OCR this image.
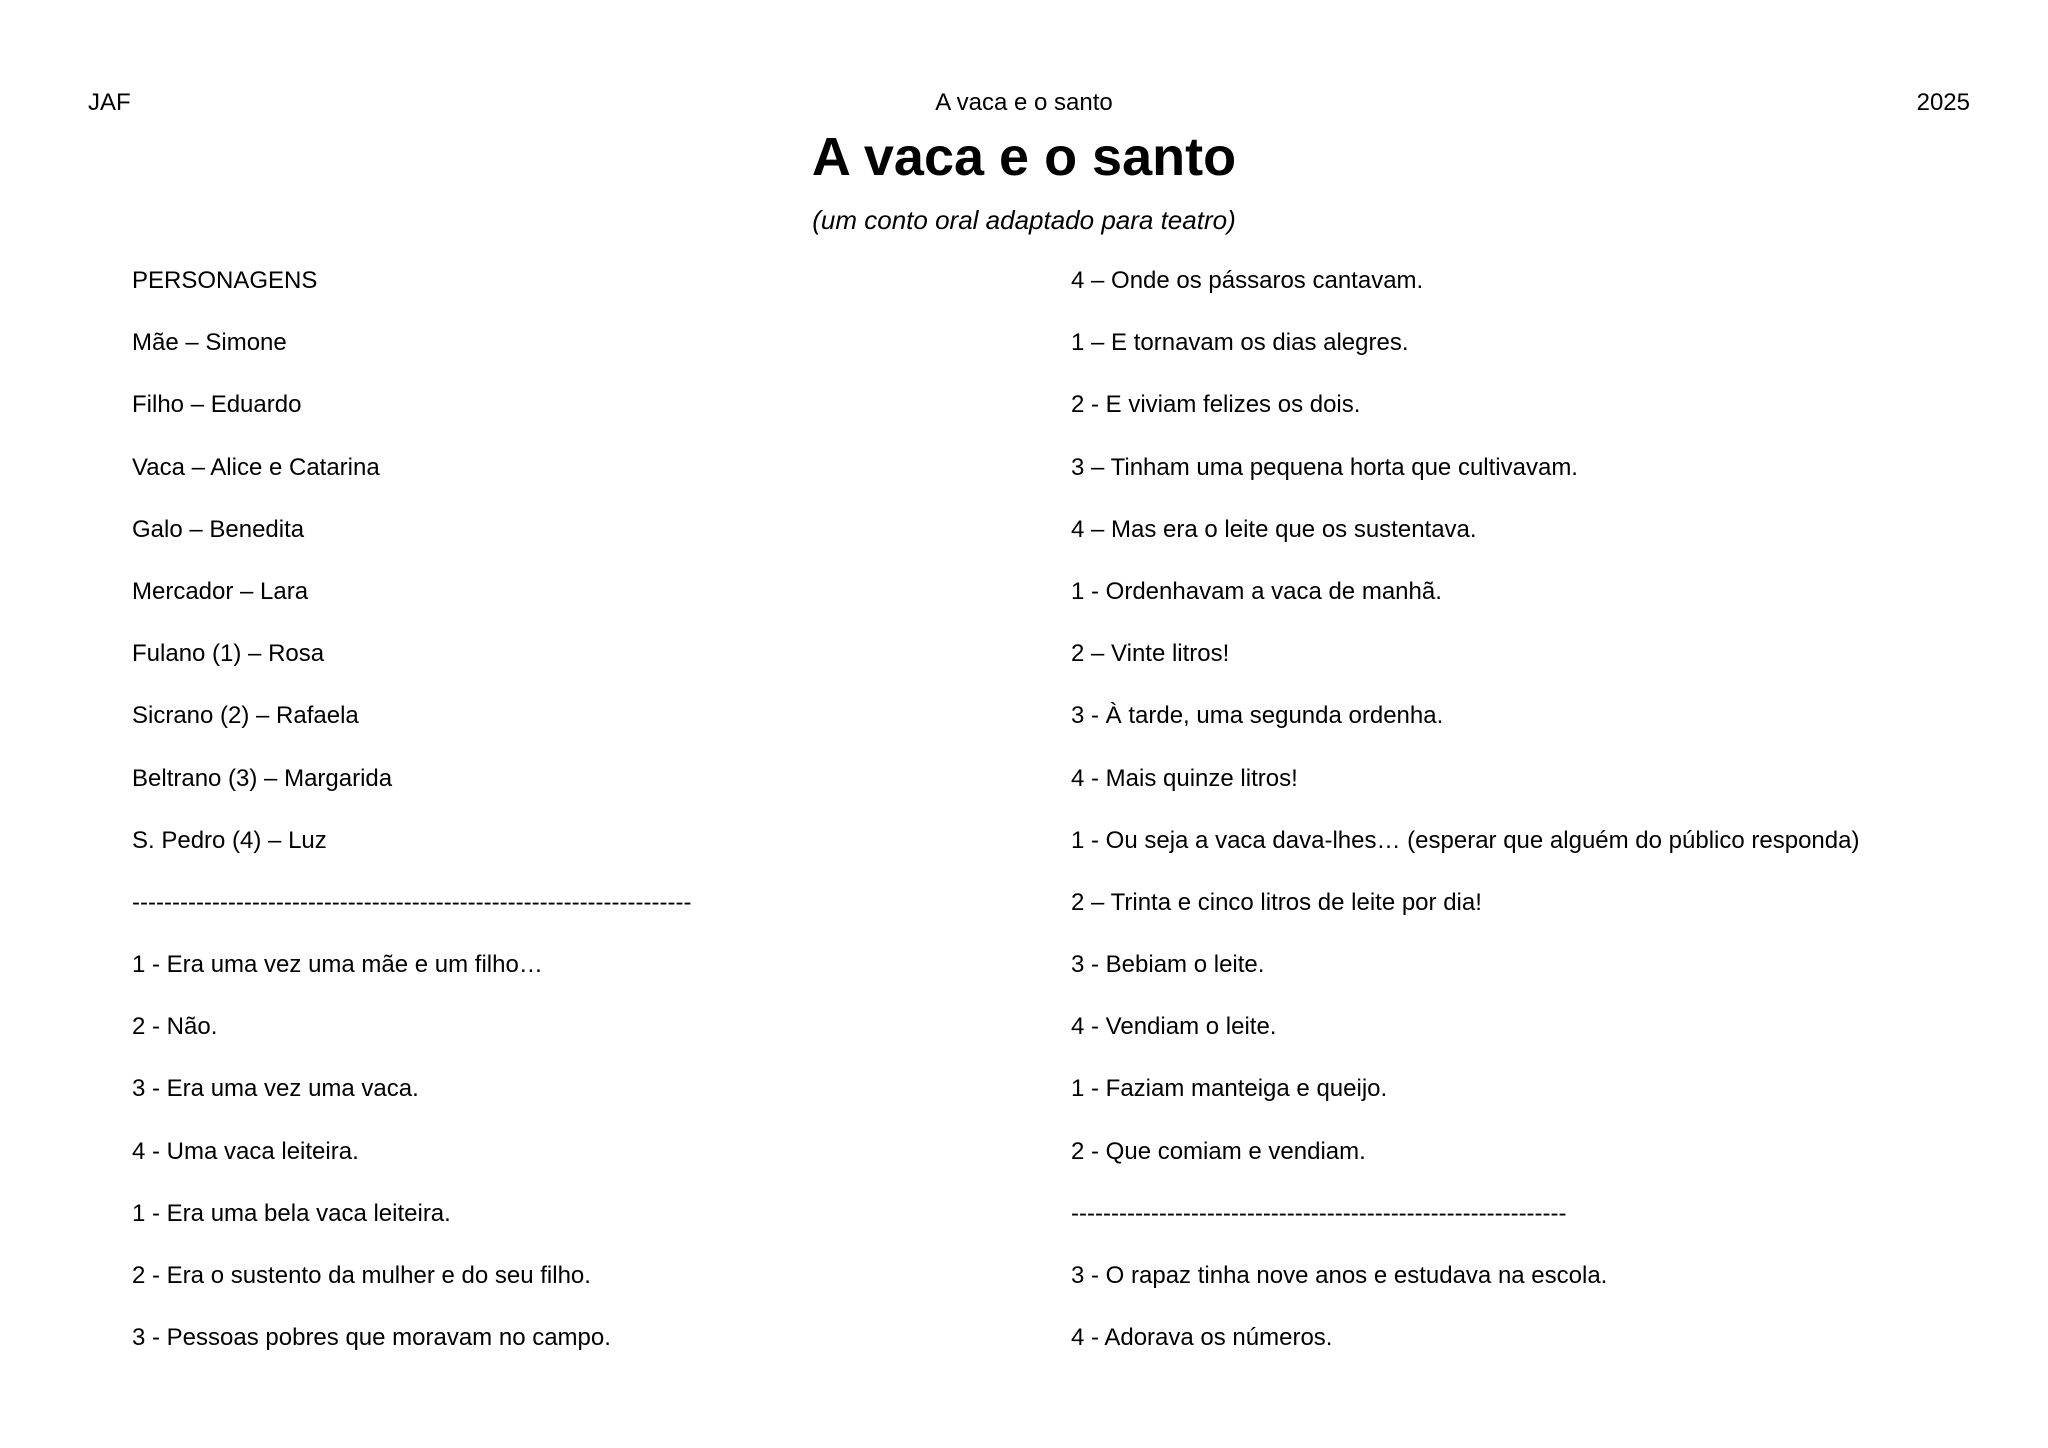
JAF	A vaca e o santo	2025
A vaca e o santo
(um conto oral adaptado para teatro)
PERSONAGENS
Mãe – Simone
Filho – Eduardo
Vaca – Alice e Catarina
Galo – Benedita
Mercador – Lara
Fulano (1) – Rosa
Sicrano (2) – Rafaela
Beltrano (3) – Margarida
S. Pedro (4) – Luz
----------------------------------------------------------------------
1 - Era uma vez uma mãe e um filho…
2 - Não.
3 - Era uma vez uma vaca.
4 - Uma vaca leiteira.
1 - Era uma bela vaca leiteira.
2 - Era o sustento da mulher e do seu filho.
3 - Pessoas pobres que moravam no campo.
4 – Onde os pássaros cantavam.
1 – E tornavam os dias alegres.
2 - E viviam felizes os dois.
3 – Tinham uma pequena horta que cultivavam.
4 – Mas era o leite que os sustentava.
1 - Ordenhavam a vaca de manhã.
2 – Vinte litros!
3 - À tarde, uma segunda ordenha.
4 - Mais quinze litros!
1 - Ou seja a vaca dava-lhes… (esperar que alguém do público responda)
2 – Trinta e cinco litros de leite por dia!
3 - Bebiam o leite.
4 - Vendiam o leite.
1 - Faziam manteiga e queijo.
2 - Que comiam e vendiam.
--------------------------------------------------------------
3 - O rapaz tinha nove anos e estudava na escola.
4 - Adorava os números.
